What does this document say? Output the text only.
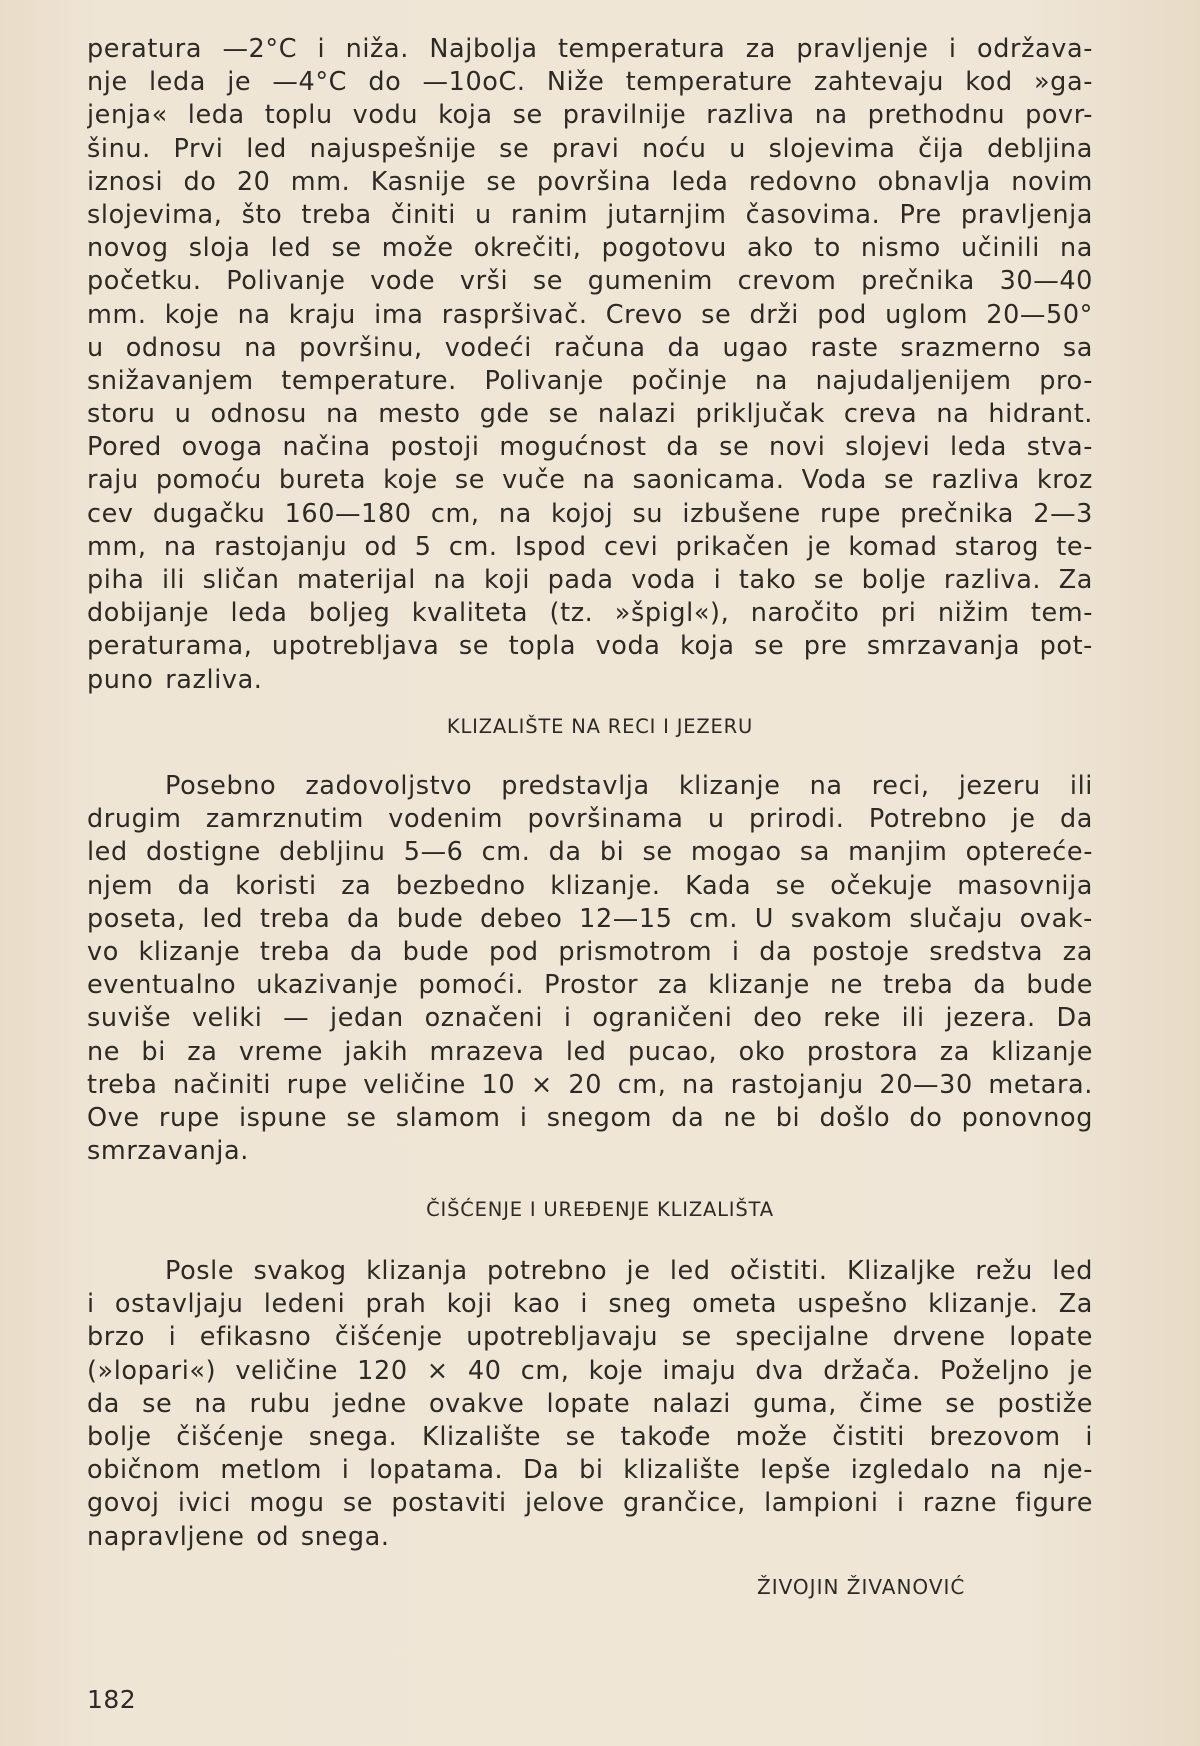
peratura —2°C i niža. Najbolja temperatura za pravljenje i održava-
nje leda je —4°C do —10oC. Niže temperature zahtevaju kod »ga-
jenja« leda toplu vodu koja se pravilnije razliva na prethodnu povr-
šinu. Prvi led najuspešnije se pravi noću u slojevima čija debljina
iznosi do 20 mm. Kasnije se površina leda redovno obnavlja novim
slojevima, što treba činiti u ranim jutarnjim časovima. Pre pravljenja
novog sloja led se može okrečiti, pogotovu ako to nismo učinili na
početku. Polivanje vode vrši se gumenim crevom prečnika 30—40
mm. koje na kraju ima raspršivač. Crevo se drži pod uglom 20—50°
u odnosu na površinu, vodeći računa da ugao raste srazmerno sa
snižavanjem temperature. Polivanje počinje na najudaljenijem pro-
storu u odnosu na mesto gde se nalazi priključak creva na hidrant.
Pored ovoga načina postoji mogućnost da se novi slojevi leda stva-
raju pomoću bureta koje se vuče na saonicama. Voda se razliva kroz
cev dugačku 160—180 cm, na kojoj su izbušene rupe prečnika 2—3
mm, na rastojanju od 5 cm. Ispod cevi prikačen je komad starog te-
piha ili sličan materijal na koji pada voda i tako se bolje razliva. Za
dobijanje leda boljeg kvaliteta (tz. »špigl«), naročito pri nižim tem-
peraturama, upotrebljava se topla voda koja se pre smrzavanja pot-
puno razliva.
KLIZALIŠTE NA RECI I JEZERU
Posebno zadovoljstvo predstavlja klizanje na reci, jezeru ili
drugim zamrznutim vodenim površinama u prirodi. Potrebno je da
led dostigne debljinu 5—6 cm. da bi se mogao sa manjim optereće-
njem da koristi za bezbedno klizanje. Kada se očekuje masovnija
poseta, led treba da bude debeo 12—15 cm. U svakom slučaju ovak-
vo klizanje treba da bude pod prismotrom i da postoje sredstva za
eventualno ukazivanje pomoći. Prostor za klizanje ne treba da bude
suviše veliki — jedan označeni i ograničeni deo reke ili jezera. Da
ne bi za vreme jakih mrazeva led pucao, oko prostora za klizanje
treba načiniti rupe veličine 10 × 20 cm, na rastojanju 20—30 metara.
Ove rupe ispune se slamom i snegom da ne bi došlo do ponovnog
smrzavanja.
ČIŠĆENJE I UREĐENJE KLIZALIŠTA
Posle svakog klizanja potrebno je led očistiti. Klizaljke režu led
i ostavljaju ledeni prah koji kao i sneg ometa uspešno klizanje. Za
brzo i efikasno čišćenje upotrebljavaju se specijalne drvene lopate
(»lopari«) veličine 120 × 40 cm, koje imaju dva držača. Poželjno je
da se na rubu jedne ovakve lopate nalazi guma, čime se postiže
bolje čišćenje snega. Klizalište se takođe može čistiti brezovom i
običnom metlom i lopatama. Da bi klizalište lepše izgledalo na nje-
govoj ivici mogu se postaviti jelove grančice, lampioni i razne figure
napravljene od snega.
ŽIVOJIN ŽIVANOVIĆ
182
